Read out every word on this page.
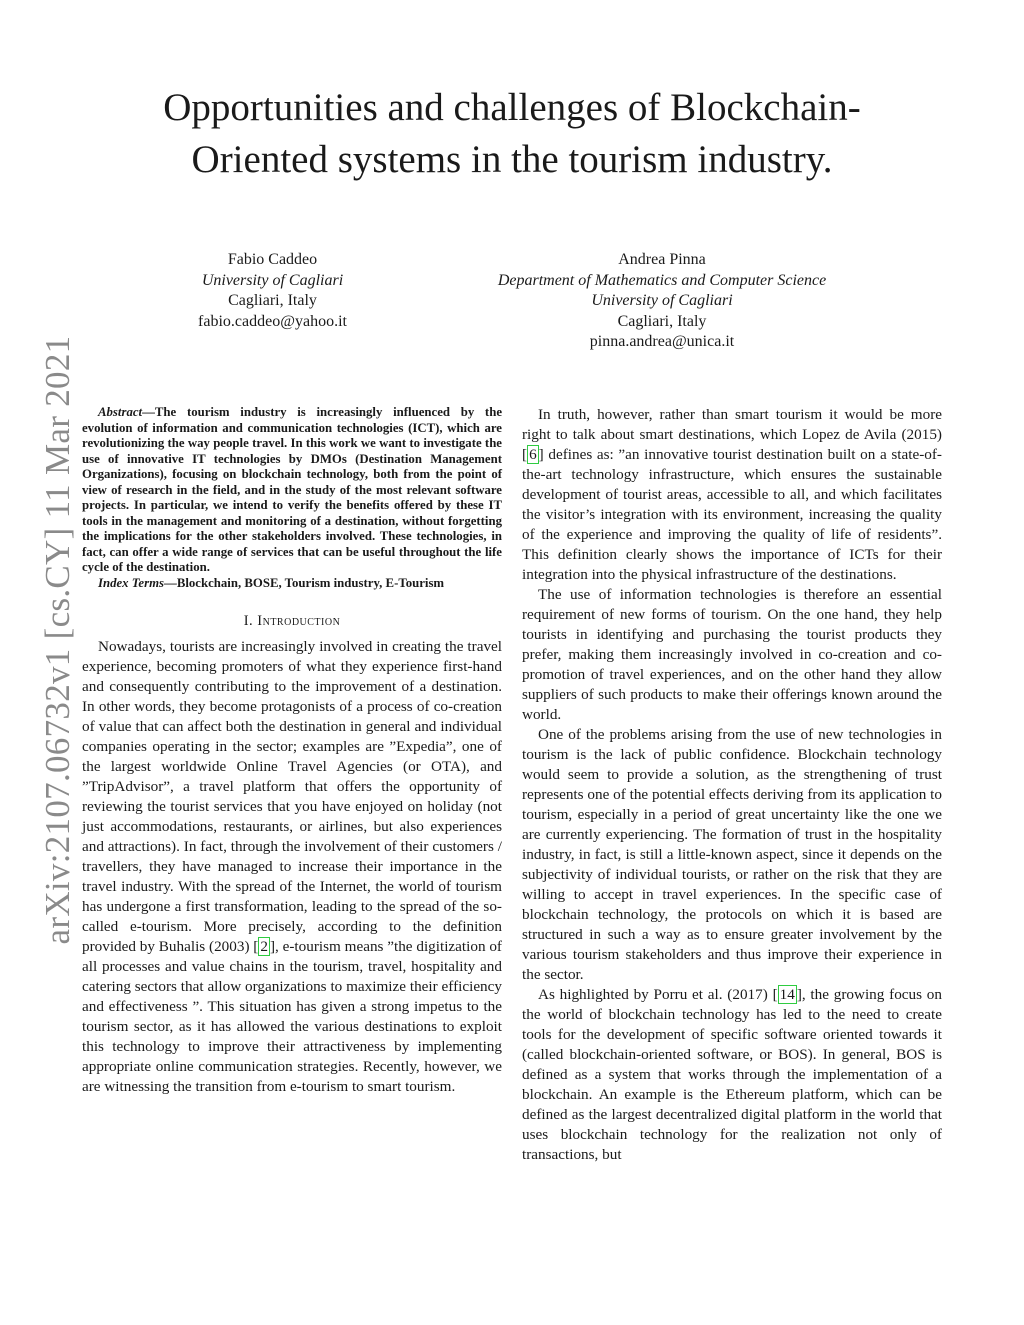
Opportunities and challenges of Blockchain-Oriented systems in the tourism industry.
Fabio Caddeo
University of Cagliari
Cagliari, Italy
fabio.caddeo@yahoo.it
Andrea Pinna
Department of Mathematics and Computer Science
University of Cagliari
Cagliari, Italy
pinna.andrea@unica.it
arXiv:2107.06732v1 [cs.CY] 11 Mar 2021	Abstract—The tourism industry is increasingly influenced by the evolution of information and communication technologies (ICT), which are revolutionizing the way people travel. In this work we want to investigate the use of innovative IT technologies by DMOs (Destination Management Organizations), focusing on blockchain technology, both from the point of view of research in the field, and in the study of the most relevant software projects. In particular, we intend to verify the benefits offered by these IT tools in the management and monitoring of a destination, without forgetting the implications for the other stakeholders involved. These technologies, in fact, can offer a wide range of services that can be useful throughout the life cycle of the destination.

Index Terms—Blockchain, BOSE, Tourism industry, E-Tourism

I. Introduction

Nowadays, tourists are increasingly involved in creating the travel experience, becoming promoters of what they experience first-hand and consequently contributing to the improvement of a destination. In other words, they become protagonists of a process of co-creation of value that can affect both the destination in general and individual companies operating in the sector; examples are ”Expedia”, one of the largest worldwide Online Travel Agencies (or OTA), and ”TripAdvisor”, a travel platform that offers the opportunity of reviewing the tourist services that you have enjoyed on holiday (not just accommodations, restaurants, or airlines, but also experiences and attractions). In fact, through the involvement of their customers / travellers, they have managed to increase their importance in the travel industry. With the spread of the Internet, the world of tourism has undergone a first transformation, leading to the spread of the so-called e-tourism. More precisely, according to the definition provided by Buhalis (2003) [ 2 ], e-tourism means ”the digitization of all processes and value chains in the tourism, travel, hospitality and catering sectors that allow organizations to maximize their efficiency and effectiveness ”. This situation has given a strong impetus to the tourism sector, as it has allowed the various destinations to exploit this technology to improve their attractiveness by implementing appropriate online communication strategies. Recently, however, we are witnessing the transition from e-tourism to smart tourism.

In truth, however, rather than smart tourism it would be more right to talk about smart destinations, which Lopez de Avila (2015) [ 6 ] defines as: ”an innovative tourist destination built on a state-of-the-art technology infrastructure, which ensures the sustainable development of tourist areas, accessible to all, and which facilitates the visitor’s integration with its environment, increasing the quality of the experience and improving the quality of life of residents”. This definition clearly shows the importance of ICTs for their integration into the physical infrastructure of the destinations.

The use of information technologies is therefore an essential requirement of new forms of tourism. On the one hand, they help tourists in identifying and purchasing the tourist products they prefer, making them increasingly involved in co-creation and co-promotion of travel experiences, and on the other hand they allow suppliers of such products to make their offerings known around the world.

One of the problems arising from the use of new technologies in tourism is the lack of public confidence. Blockchain technology would seem to provide a solution, as the strengthening of trust represents one of the potential effects deriving from its application to tourism, especially in a period of great uncertainty like the one we are currently experiencing. The formation of trust in the hospitality industry, in fact, is still a little-known aspect, since it depends on the subjectivity of individual tourists, or rather on the risk that they are willing to accept in travel experiences. In the specific case of blockchain technology, the protocols on which it is based are structured in such a way as to ensure greater involvement by the various tourism stakeholders and thus improve their experience in the sector.

As highlighted by Porru et al. (2017) [ 14 ], the growing focus on the world of blockchain technology has led to the need to create tools for the development of specific software oriented towards it (called blockchain-oriented software, or BOS). In general, BOS is defined as a system that works through the implementation of a blockchain. An example is the Ethereum platform, which can be defined as the largest decentralized digital platform in the world that uses blockchain technology for the realization not only of transactions, but
